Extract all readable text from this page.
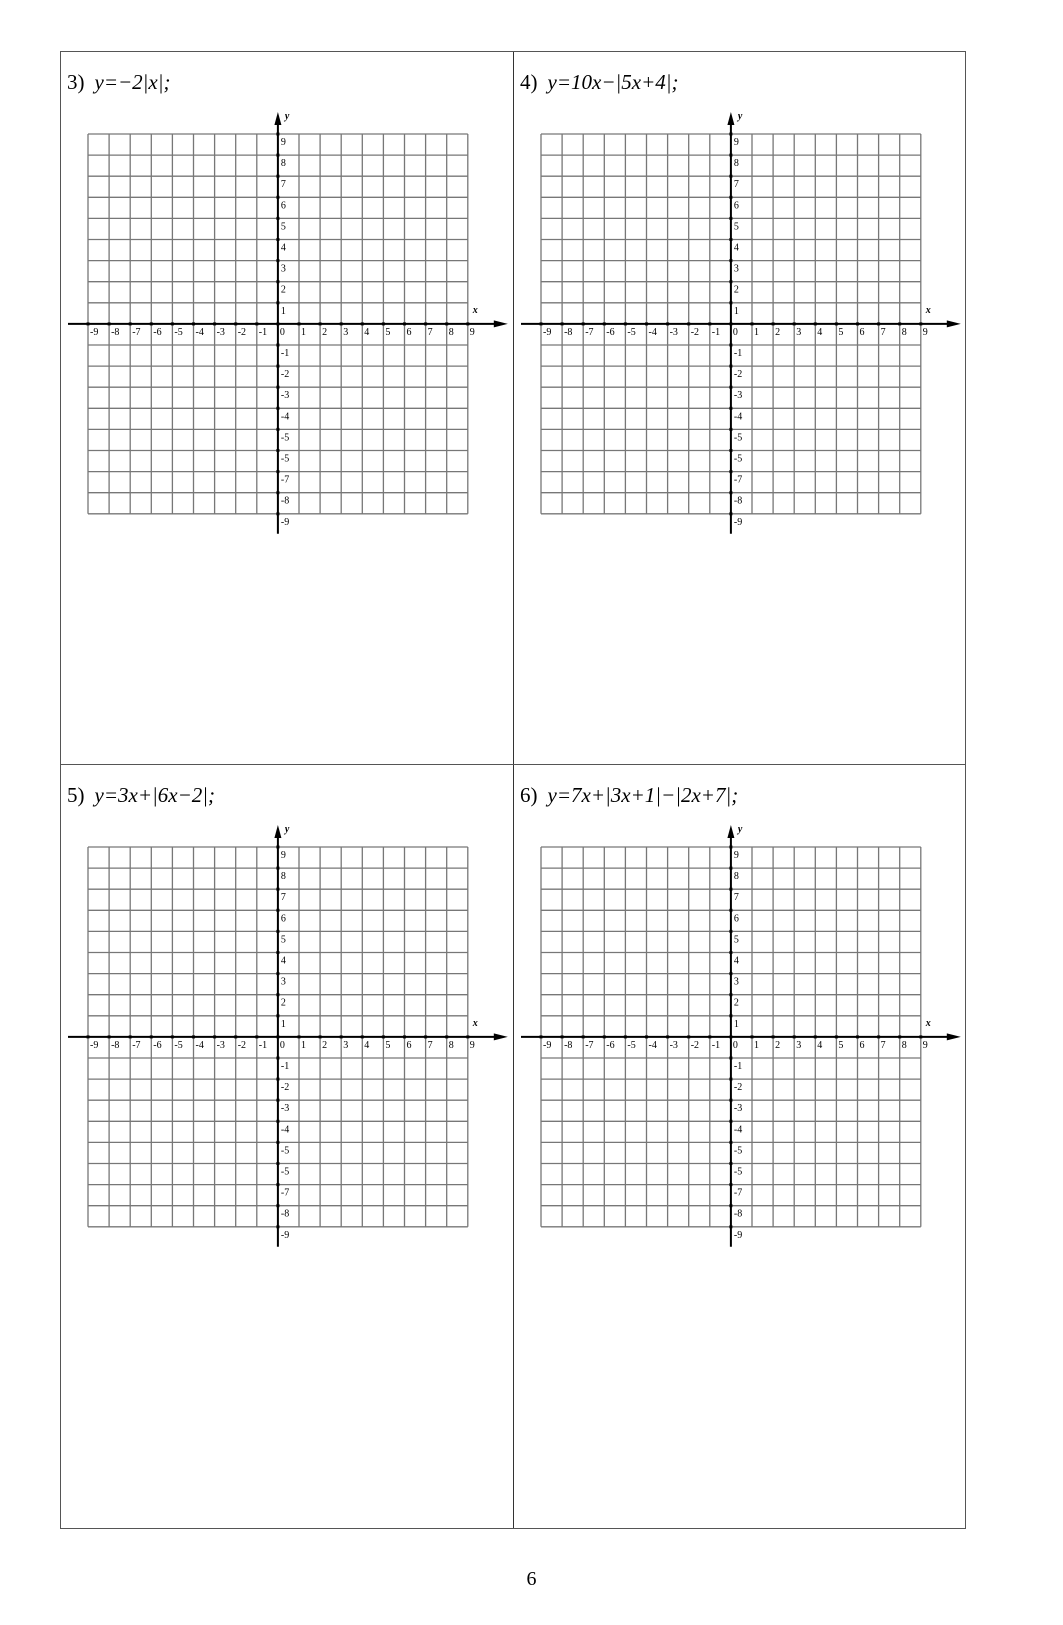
3) y=−2|x|;
x
y
-9 -8 -7 -6 -5 -4 -3 -2 -1 0 1 2 3 4 5 6 7 8 9
9
8
7
6
5
4
3
2
1
-1
-2
-3
-4
-5
-5
-7
-8
-9
4) y=10x−|5x+4|;
x
y
-9 -8 -7 -6 -5 -4 -3 -2 -1 0 1 2 3 4 5 6 7 8 9
9
8
7
6
5
4
3
2
1
-1
-2
-3
-4
-5
-5
-7
-8
-9
5) y=3x+|6x−2|;
x
y
-9 -8 -7 -6 -5 -4 -3 -2 -1 0 1 2 3 4 5 6 7 8 9
9
8
7
6
5
4
3
2
1
-1
-2
-3
-4
-5
-5
-7
-8
-9
6) y=7x+|3x+1|−|2x+7|;
x
y
-9 -8 -7 -6 -5 -4 -3 -2 -1 0 1 2 3 4 5 6 7 8 9
9
8
7
6
5
4
3
2
1
-1
-2
-3
-4
-5
-5
-7
-8
-9
6
